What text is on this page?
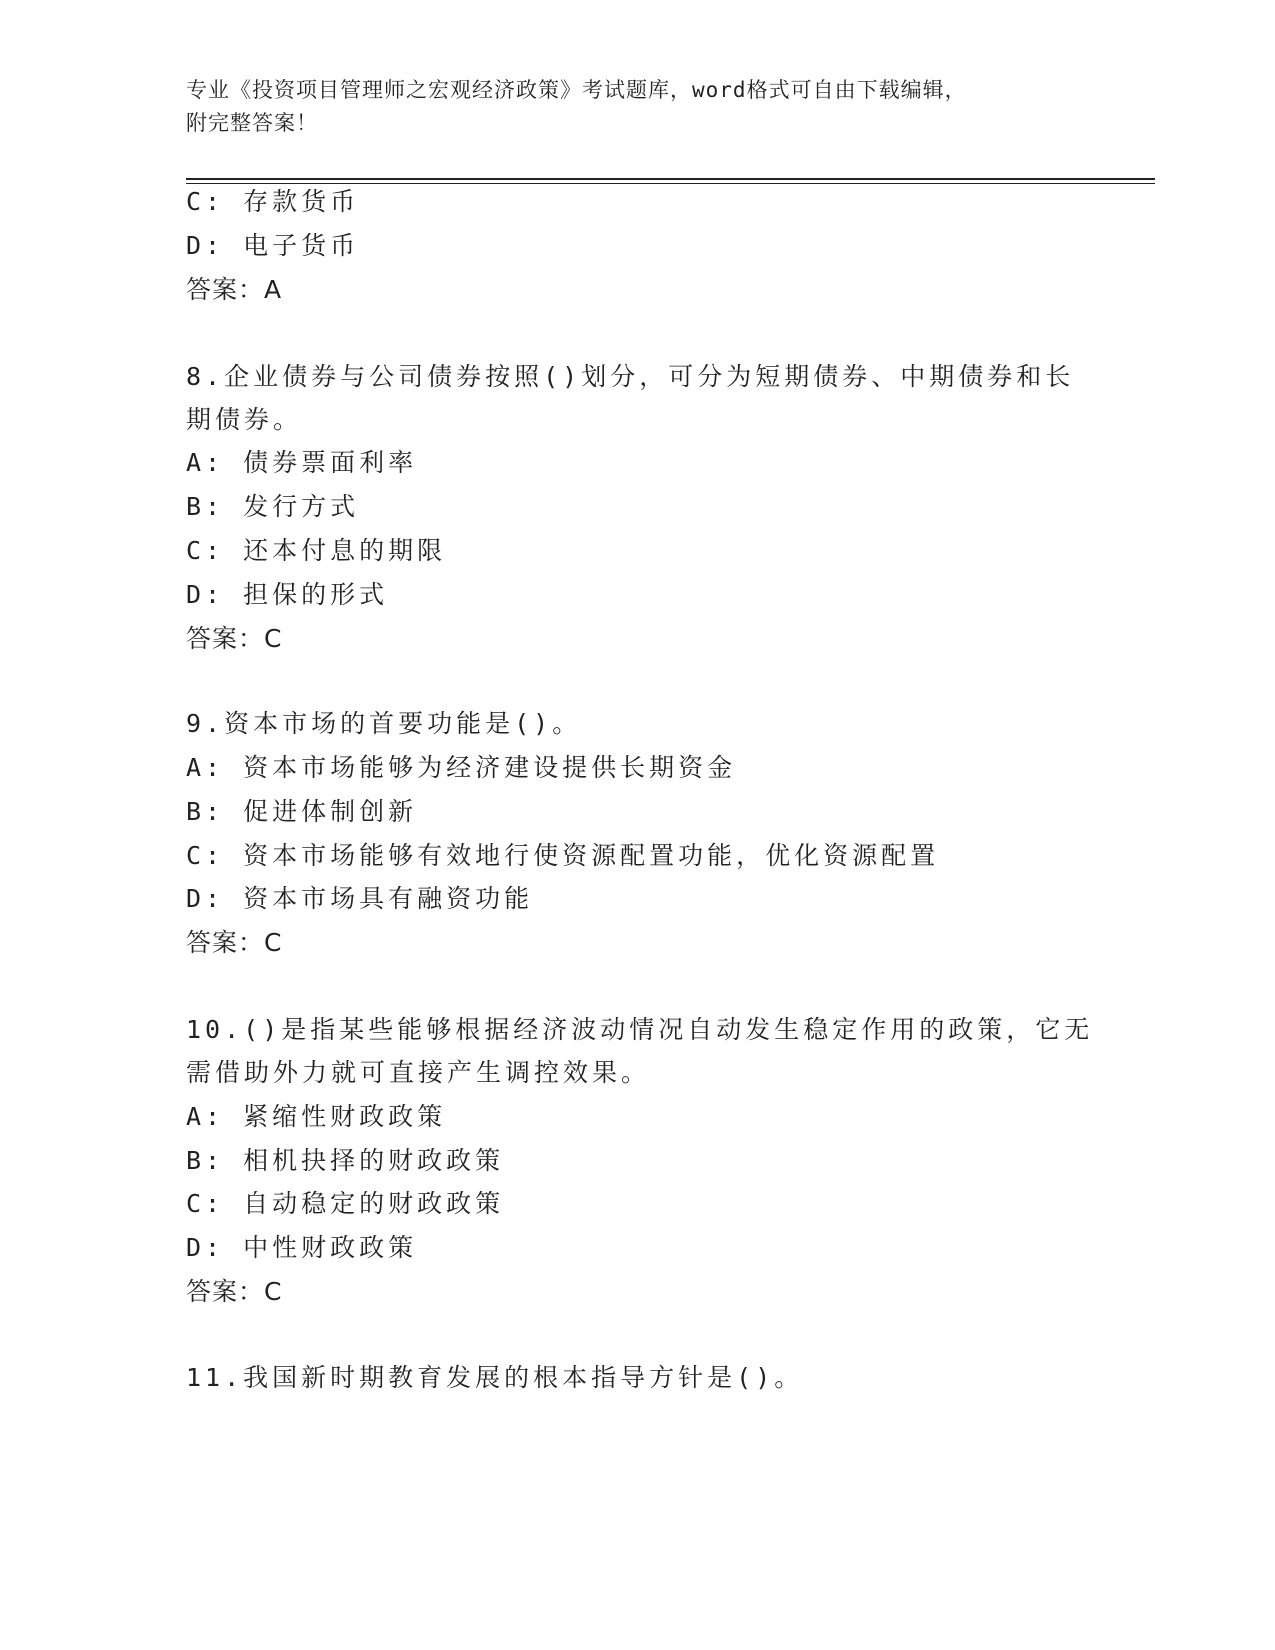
专业《投资项目管理师之宏观经济政策》考试题库，word格式可自由下载编辑，
附完整答案！
C: 存款货币
D: 电子货币
答案：A
8.企业债券与公司债券按照()划分，可分为短期债券、中期债券和长
期债券。
A: 债券票面利率
B: 发行方式
C: 还本付息的期限
D: 担保的形式
答案：C
9.资本市场的首要功能是()。
A: 资本市场能够为经济建设提供长期资金
B: 促进体制创新
C: 资本市场能够有效地行使资源配置功能，优化资源配置
D: 资本市场具有融资功能
答案：C
10.()是指某些能够根据经济波动情况自动发生稳定作用的政策，它无
需借助外力就可直接产生调控效果。
A: 紧缩性财政政策
B: 相机抉择的财政政策
C: 自动稳定的财政政策
D: 中性财政政策
答案：C
11.我国新时期教育发展的根本指导方针是()。
